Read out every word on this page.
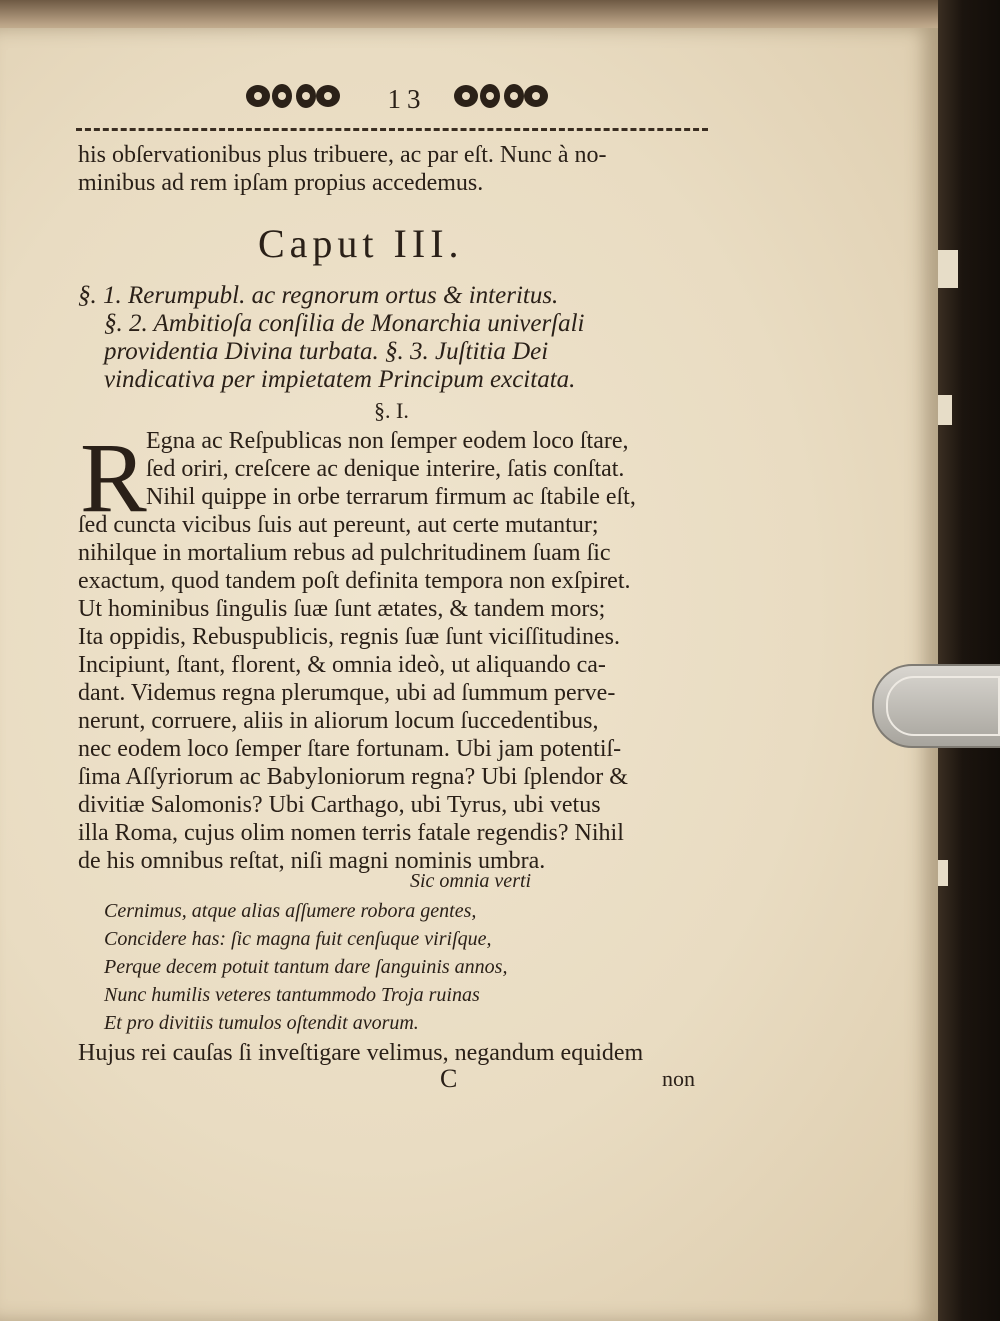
13
his obſervationibus plus tribuere, ac par eſt. Nunc à no-
minibus ad rem ipſam propius accedemus.
Caput III.
§. 1. Rerumpubl. ac regnorum ortus & interitus.
§. 2. Ambitioſa conſilia de Monarchia univerſali
providentia Divina turbata. §. 3. Juſtitia Dei
vindicativa per impietatem Principum excitata.
§. I.
R Egna ac Reſpublicas non ſemper eodem loco ſtare,
ſed oriri, creſcere ac denique interire, ſatis conſtat.
Nihil quippe in orbe terrarum firmum ac ſtabile eſt,
ſed cuncta vicibus ſuis aut pereunt, aut certe mutantur;
nihilque in mortalium rebus ad pulchritudinem ſuam ſic
exactum, quod tandem poſt definita tempora non exſpiret.
Ut hominibus ſingulis ſuæ ſunt ætates, & tandem mors;
Ita oppidis, Rebuspublicis, regnis ſuæ ſunt viciſſitudines.
Incipiunt, ſtant, florent, & omnia ideò, ut aliquando ca-
dant. Videmus regna plerumque, ubi ad ſummum perve-
nerunt, corruere, aliis in aliorum locum ſuccedentibus,
nec eodem loco ſemper ſtare fortunam. Ubi jam potentiſ-
ſima Aſſyriorum ac Babyloniorum regna? Ubi ſplendor &
divitiæ Salomonis? Ubi Carthago, ubi Tyrus, ubi vetus
illa Roma, cujus olim nomen terris fatale regendis? Nihil
de his omnibus reſtat, niſi magni nominis umbra.
Sic omnia verti
Cernimus, atque alias aſſumere robora gentes,
Concidere has: ſic magna fuit cenſuque viriſque,
Perque decem potuit tantum dare ſanguinis annos,
Nunc humilis veteres tantummodo Troja ruinas
Et pro divitiis tumulos oſtendit avorum.
Hujus rei cauſas ſi inveſtigare velimus, negandum equidem
C	non
